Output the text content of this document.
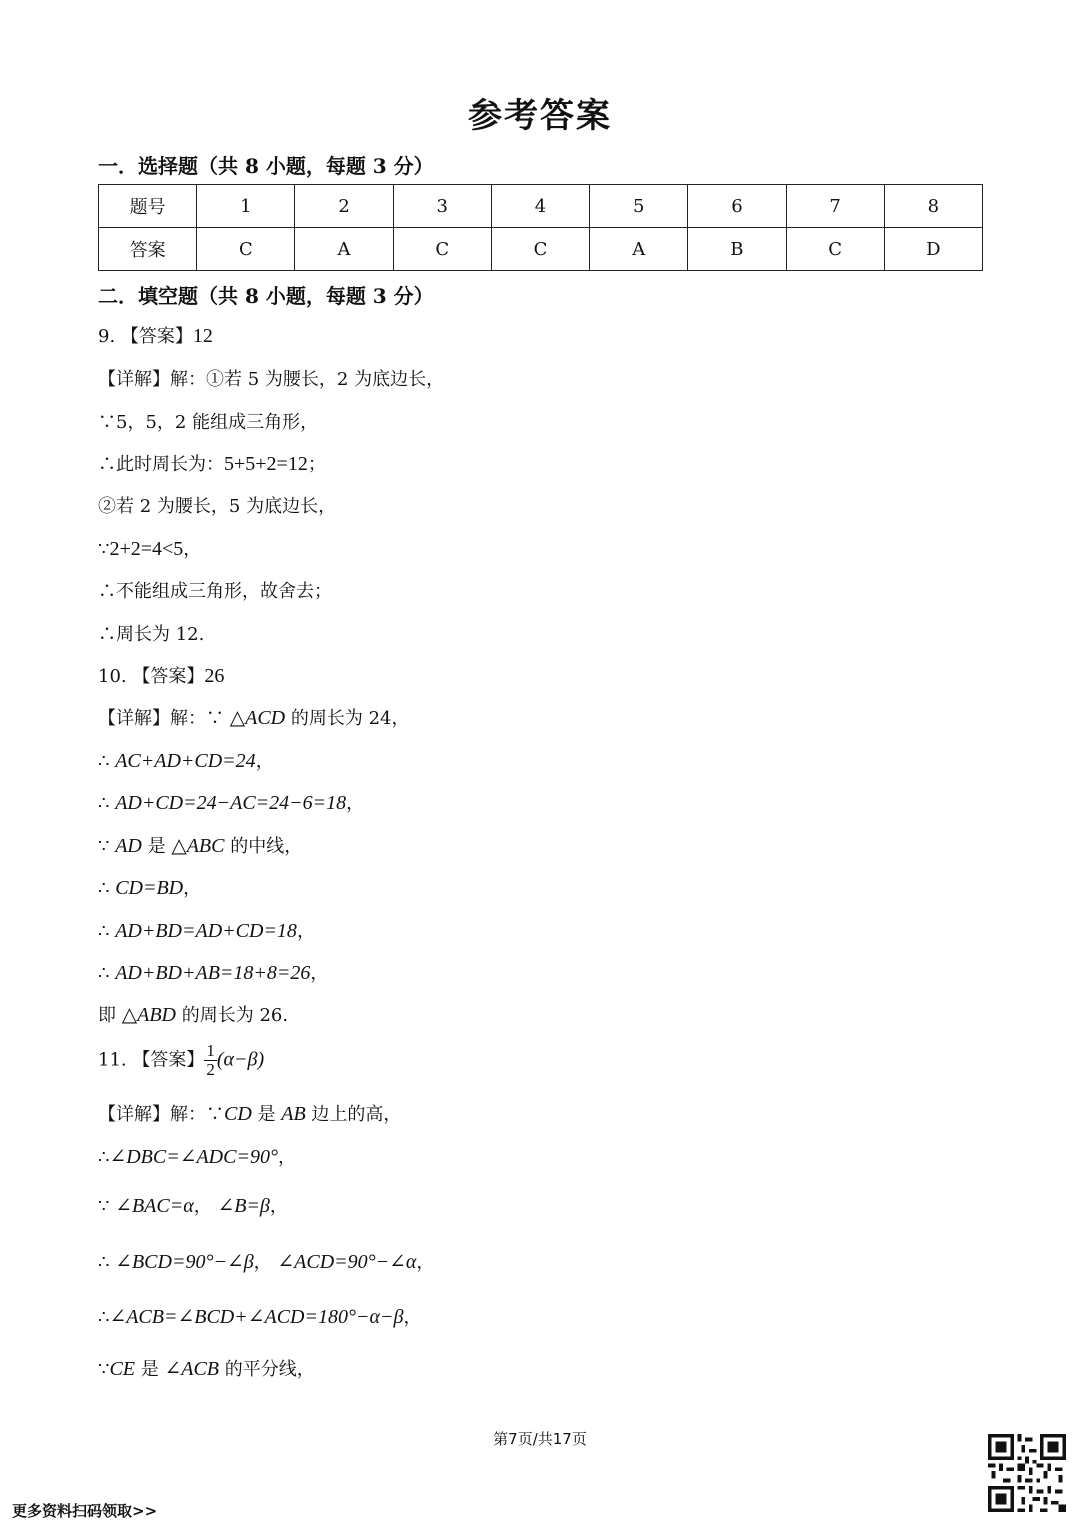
参考答案
一．选择题（共 8 小题，每题 3 分）
题号	1	2	3	4	5	6	7	8
答案	C	A	C	C	A	B	C	D
二．填空题（共 8 小题，每题 3 分）
9. 【答案】12
【详解】解：①若 5 为腰长，2 为底边长，
∵5，5，2 能组成三角形，
∴此时周长为：5+5+2=12；
②若 2 为腰长，5 为底边长，
∵2+2=4<5，
∴不能组成三角形，故舍去；
∴周长为 12.
10. 【答案】26
【详解】解：∵ △ACD 的周长为 24，
∴ AC+AD+CD=24，
∴ AD+CD=24−AC=24−6=18，
∵ AD 是 △ABC 的中线，
∴ CD=BD，
∴ AD+BD=AD+CD=18，
∴ AD+BD+AB=18+8=26，
即 △ABD 的周长为 26.
11. 【答案】 $\frac{1}{2} (\alpha-\beta)$
【详解】解：∵CD 是 AB 边上的高，
∴∠DBC=∠ADC=90°，
∵ ∠BAC=α， ∠B=β，
∴ ∠BCD=90°−∠β， ∠ACD=90°−∠α，
∴∠ACB=∠BCD+∠ACD=180°−α−β，
∵CE 是 ∠ACB 的平分线，
第7页/共17页
更多资料扫码领取>>
